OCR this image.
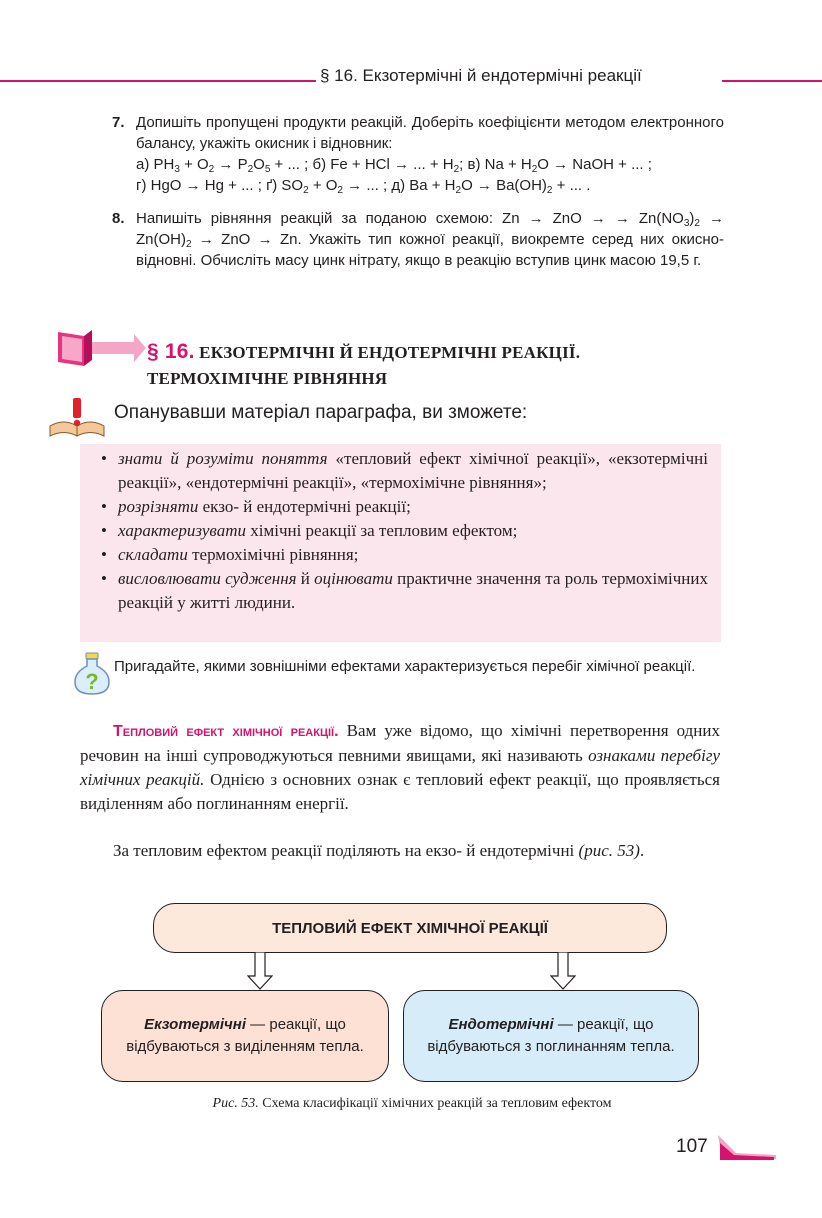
§ 16. Екзотермічні й ендотермічні реакції
7. Допишіть пропущені продукти реакцій. Доберіть коефіцієнти методом електронного балансу, укажіть окисник і відновник:

а) $PH_3 + O_2 \to P_2O_5$ + ... ; б) Fe + HCl → ... + $H_2$; в) $Na + H_2O$ → NaOH + ... ;

г) HgO → Hg + ... ; ґ) $SO_2 + O_2$ → ... ; д) $Ba + H_2O \to Ba(OH)_2$ + ... .

8. Напишіть рівняння реакцій за поданою схемою: Zn → ZnO → → $Zn(NO_3)_2 \to Zn(OH)_2$ → ZnO → Zn. Укажіть тип кожної реакції, виокремте серед них окисно-відновні. Обчисліть масу цинк нітрату, якщо в реакцію вступив цинк масою 19,5 г.

§ 16. ЕКЗОТЕРМІЧНІ Й ЕНДОТЕРМІЧНІ РЕАКЦІЇ.
ТЕРМОХІМІЧНЕ РІВНЯННЯ
Опанувавши матеріал параграфа, ви зможете:
• знати й розуміти поняття «тепловий ефект хімічної реакції», «екзотермічні реакції», «ендотермічні реакції», «термохімічне рівняння»;
• розрізняти екзо- й ендотермічні реакції;
• характеризувати хімічні реакції за тепловим ефектом;
• складати термохімічні рівняння;
• висловлювати судження й оцінювати практичне значення та роль термохімічних реакцій у житті людини.
?
Пригадайте, якими зовнішніми ефектами характеризується перебіг хімічної реакції.

Тепловий ефект хімічної реакції. Вам уже відомо, що хімічні перетворення одних речовин на інші супроводжуються певними явищами, які називають ознаками перебігу хімічних реакцій. Однією з основних ознак є тепловий ефект реакції, що проявляється виділенням або поглинанням енергії.

За тепловим ефектом реакції поділяють на екзо- й ендотермічні (рис. 53).

ТЕПЛОВИЙ ЕФЕКТ ХІМІЧНОЇ РЕАКЦІЇ
Екзотермічні — реакції, що відбуваються з виділенням тепла.
Ендотермічні — реакції, що відбуваються з поглинанням тепла.
Рис. 53. Схема класифікації хімічних реакцій за тепловим ефектом
107
